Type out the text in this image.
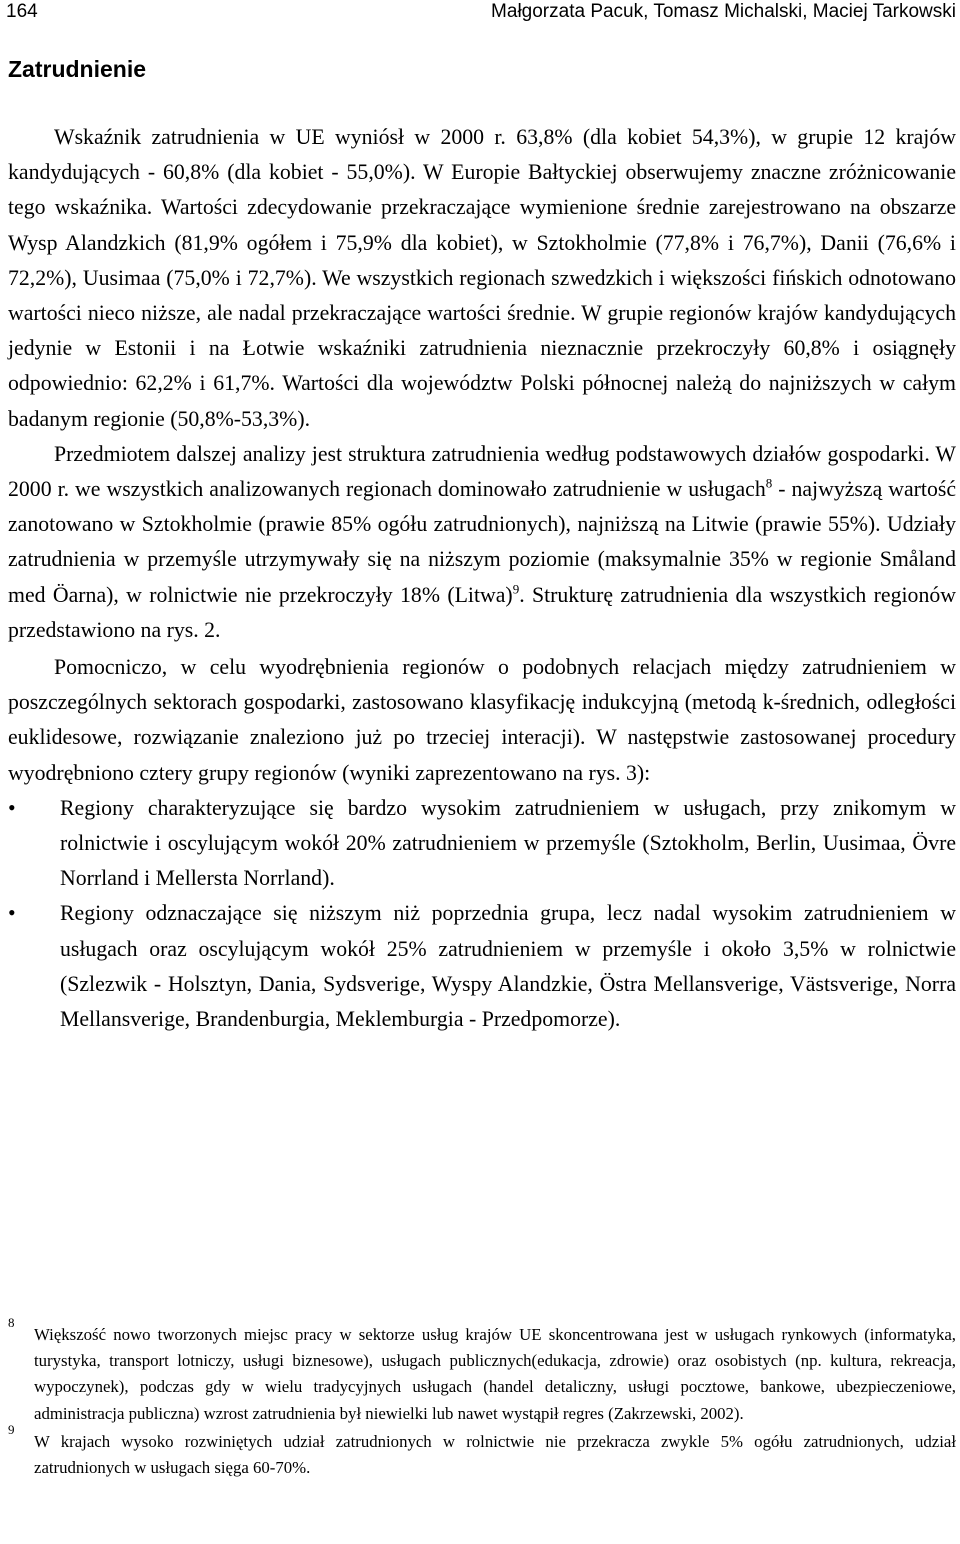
164	Małgorzata Pacuk, Tomasz Michalski, Maciej Tarkowski
Zatrudnienie

Wskaźnik zatrudnienia w UE wyniósł w 2000 r. 63,8% (dla kobiet 54,3%), w grupie 12 krajów kandydujących - 60,8% (dla kobiet - 55,0%). W Europie Bałtyckiej obserwujemy znaczne zróżnicowanie tego wskaźnika. Wartości zdecydowanie przekraczające wymienione średnie zarejestrowano na obszarze Wysp Alandzkich (81,9% ogółem i 75,9% dla kobiet), w Sztokholmie (77,8% i 76,7%), Danii (76,6% i 72,2%), Uusimaa (75,0% i 72,7%). We wszystkich regionach szwedzkich i większości fińskich odnotowano wartości nieco niższe, ale nadal przekraczające wartości średnie. W grupie regionów krajów kandydujących jedynie w Estonii i na Łotwie wskaźniki zatrudnienia nieznacznie przekroczyły 60,8% i osiągnęły odpowiednio: 62,2% i 61,7%. Wartości dla województw Polski północnej należą do najniższych w całym badanym regionie (50,8%-53,3%).

Przedmiotem dalszej analizy jest struktura zatrudnienia według podstawowych działów gospodarki. W 2000 r. we wszystkich analizowanych regionach dominowało zatrudnienie w usługach$^8$ - najwyższą wartość zanotowano w Sztokholmie (prawie 85% ogółu zatrudnionych), najniższą na Litwie (prawie 55%). Udziały zatrudnienia w przemyśle utrzymywały się na niższym poziomie (maksymalnie 35% w regionie Småland med Öarna), w rolnictwie nie przekroczyły 18% (Litwa)$^9$. Strukturę zatrudnienia dla wszystkich regionów przedstawiono na rys. 2.

Pomocniczo, w celu wyodrębnienia regionów o podobnych relacjach między zatrudnieniem w poszczególnych sektorach gospodarki, zastosowano klasyfikację indukcyjną (metodą k-średnich, odległości euklidesowe, rozwiązanie znaleziono już po trzeciej interacji). W następstwie zastosowanej procedury wyodrębniono cztery grupy regionów (wyniki zaprezentowano na rys. 3):

• Regiony charakteryzujące się bardzo wysokim zatrudnieniem w usługach, przy znikomym w rolnictwie i oscylującym wokół 20% zatrudnieniem w przemyśle (Sztokholm, Berlin, Uusimaa, Övre Norrland i Mellersta Norrland).
• Regiony odznaczające się niższym niż poprzednia grupa, lecz nadal wysokim zatrudnieniem w usługach oraz oscylującym wokół 25% zatrudnieniem w przemyśle i około 3,5% w rolnictwie (Szlezwik - Holsztyn, Dania, Sydsverige, Wyspy Alandzkie, Östra Mellansverige, Västsverige, Norra Mellansverige, Brandenburgia, Meklemburgia - Przedpomorze).
8
Większość nowo tworzonych miejsc pracy w sektorze usług krajów UE skoncentrowana jest w usługach rynkowych (informatyka, turystyka, transport lotniczy, usługi biznesowe), usługach publicznych(edukacja, zdrowie) oraz osobistych (np. kultura, rekreacja, wypoczynek), podczas gdy w wielu tradycyjnych usługach (handel detaliczny, usługi pocztowe, bankowe, ubezpieczeniowe, administracja publiczna) wzrost zatrudnienia był niewielki lub nawet wystąpił regres (Zakrzewski, 2002).
9
W krajach wysoko rozwiniętych udział zatrudnionych w rolnictwie nie przekracza zwykle 5% ogółu zatrudnionych, udział zatrudnionych w usługach sięga 60-70%.
